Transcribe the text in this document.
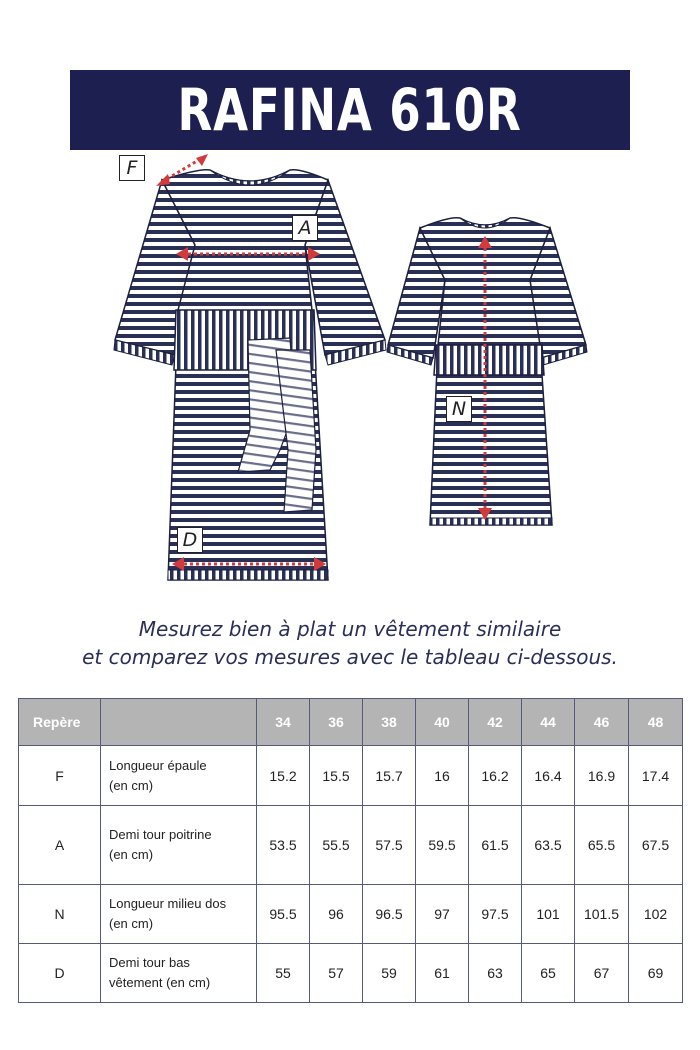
RAFINA 610R
F
A
N
D
Mesurez bien à plat un vêtement similaire
et comparez vos mesures avec le tableau ci-dessous.
Repère		34	36	38	40	42	44	46	48
F	Longueur épaule
(en cm)	15.2	15.5	15.7	16	16.2	16.4	16.9	17.4
A	Demi tour poitrine
(en cm)	53.5	55.5	57.5	59.5	61.5	63.5	65.5	67.5
N	Longueur milieu dos
(en cm)	95.5	96	96.5	97	97.5	101	101.5	102
D	Demi tour bas
vêtement (en cm)	55	57	59	61	63	65	67	69
